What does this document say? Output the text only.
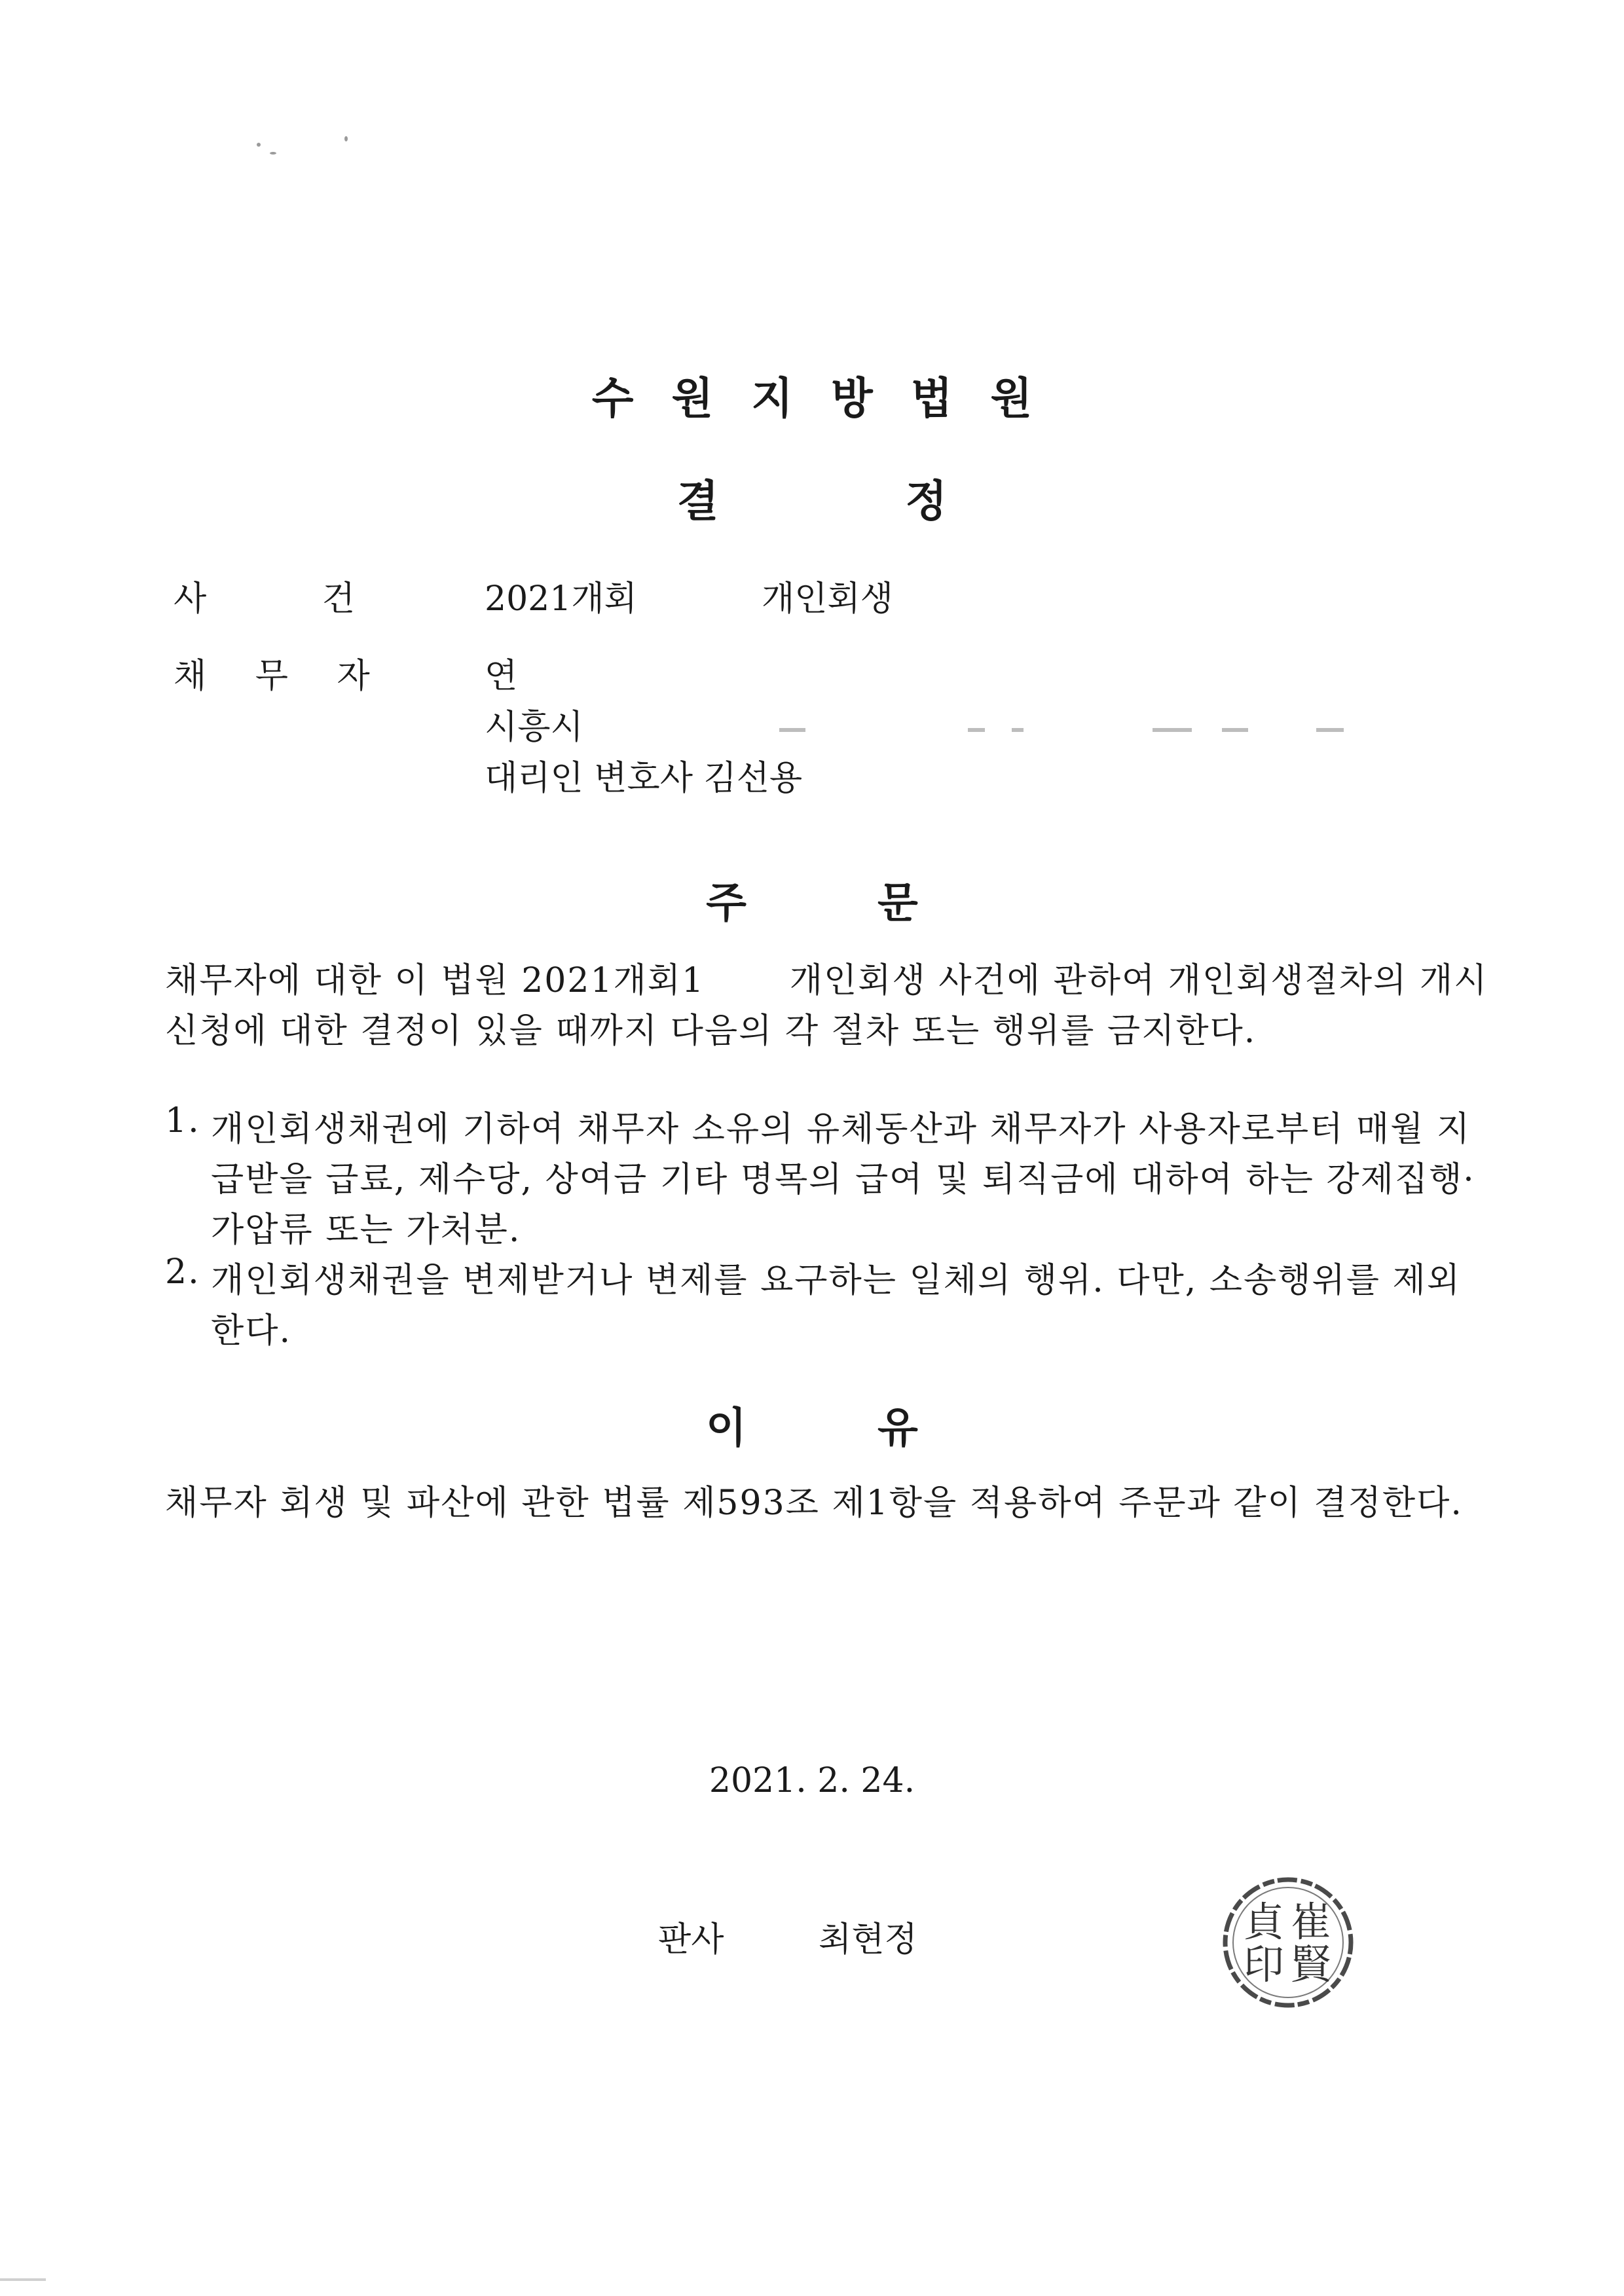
수원지방법원
결정
사 건	2021개회	개인회생
채 무 자	연
시흥시
대리인 변호사 김선용
주문
채무자에 대한 이 법원 2021개회1       개인회생 사건에 관하여 개인회생절차의 개시
신청에 대한 결정이 있을 때까지 다음의 각 절차 또는 행위를 금지한다.
1. 개인회생채권에 기하여 채무자 소유의 유체동산과 채무자가 사용자로부터 매월 지
급받을 급료, 제수당, 상여금 기타 명목의 급여 및 퇴직금에 대하여 하는 강제집행·
가압류 또는 가처분.
2. 개인회생채권을 변제받거나 변제를 요구하는 일체의 행위. 다만, 소송행위를 제외
한다.
이유
채무자 회생 및 파산에 관한 법률 제593조 제1항을 적용하여 주문과 같이 결정한다.
2021. 2. 24.
판사	최현정	崔
賢
貞
印
